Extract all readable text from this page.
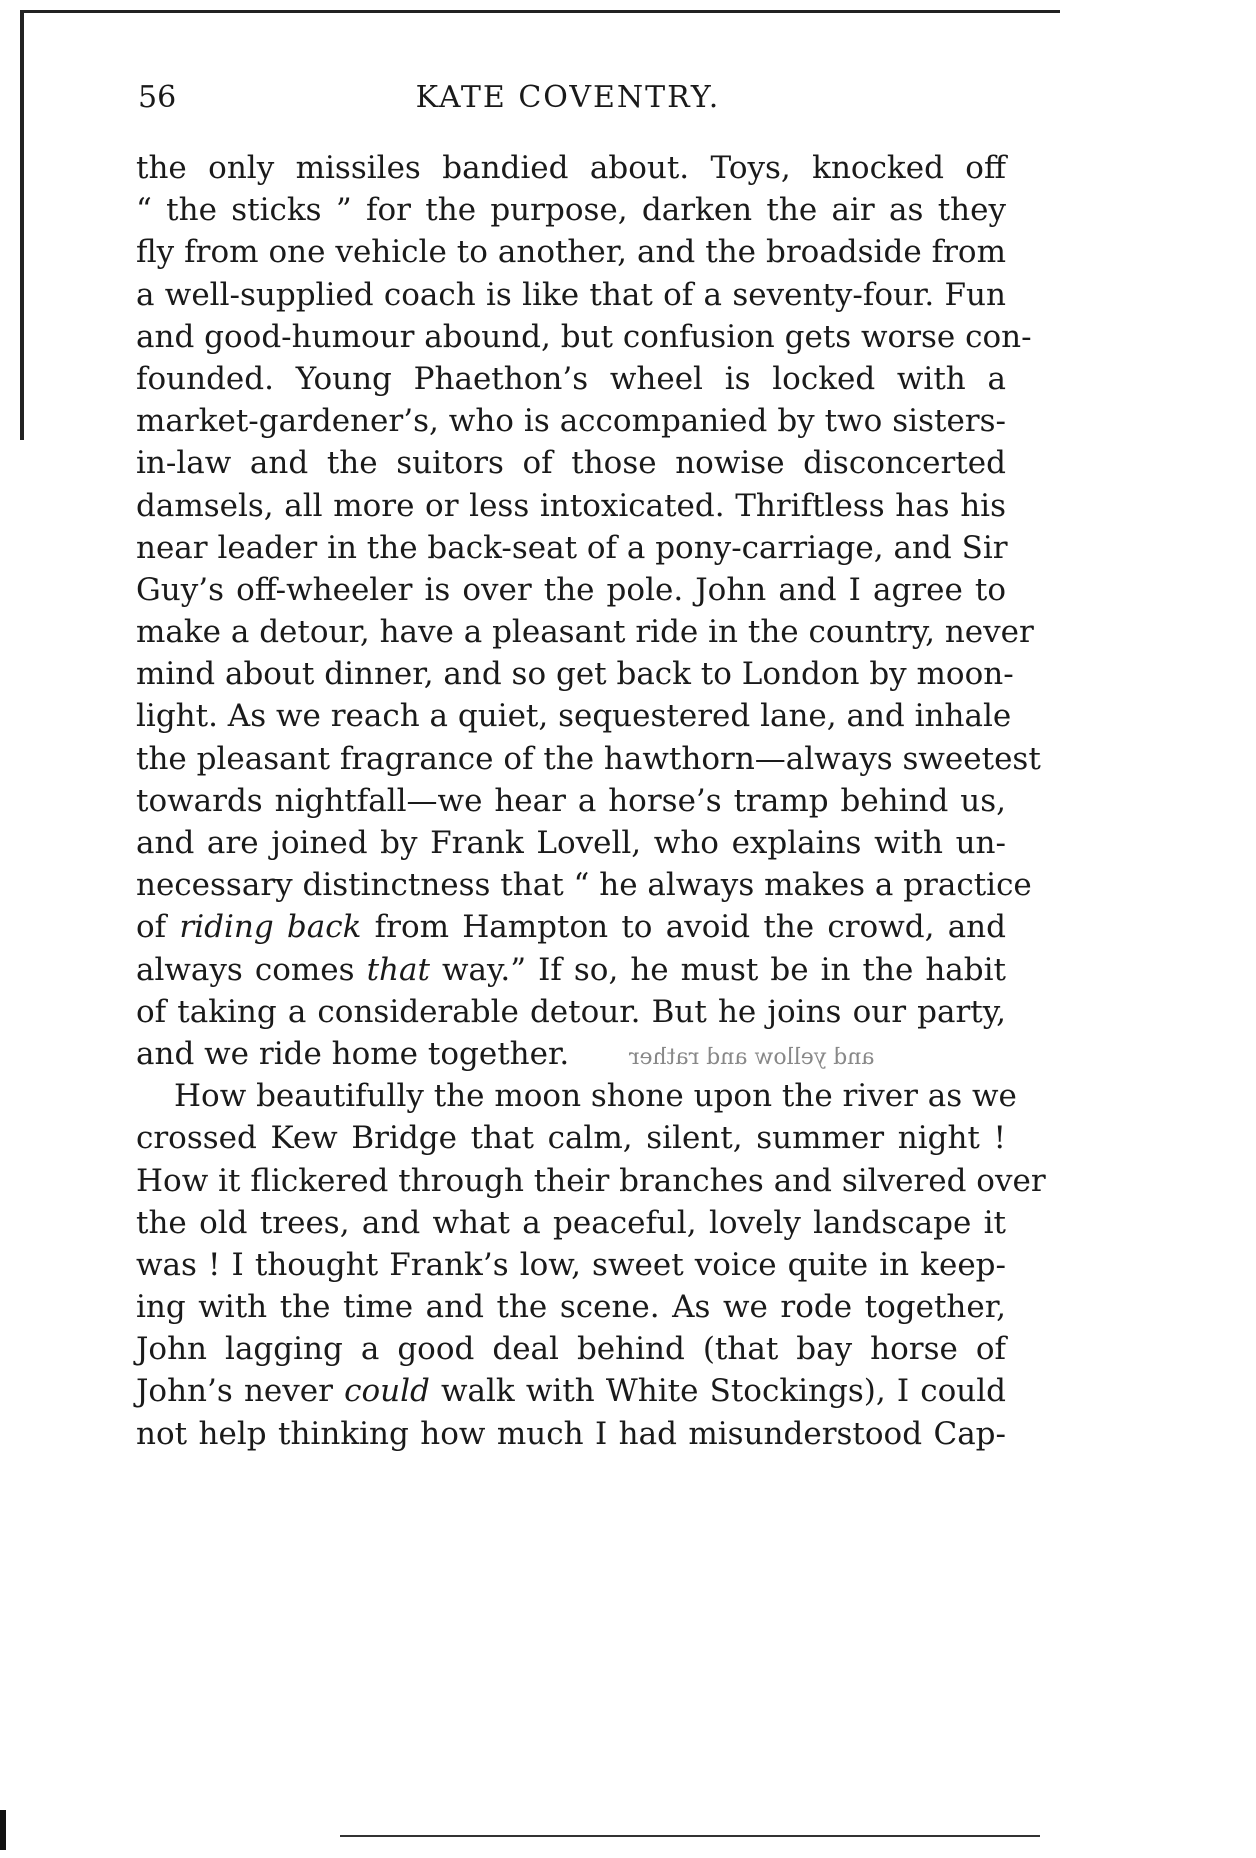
56	KATE COVENTRY.
the only missiles bandied about. Toys, knocked off
“ the sticks ” for the purpose, darken the air as they
fly from one vehicle to another, and the broadside from
a well-supplied coach is like that of a seventy-four. Fun
and good-humour abound, but confusion gets worse con-
founded. Young Phaethon’s wheel is locked with a
market-gardener’s, who is accompanied by two sisters-
in-law and the suitors of those nowise disconcerted
damsels, all more or less intoxicated. Thriftless has his
near leader in the back-seat of a pony-carriage, and Sir
Guy’s off-wheeler is over the pole. John and I agree to
make a detour, have a pleasant ride in the country, never
mind about dinner, and so get back to London by moon-
light. As we reach a quiet, sequestered lane, and inhale
the pleasant fragrance of the hawthorn—always sweetest
towards nightfall—we hear a horse’s tramp behind us,
and are joined by Frank Lovell, who explains with un-
necessary distinctness that “ he always makes a practice
of riding back from Hampton to avoid the crowd, and
always comes that way.” If so, he must be in the habit
of taking a considerable detour. But he joins our party,
and we ride home together.	and yellow and rather
How beautifully the moon shone upon the river as we
crossed Kew Bridge that calm, silent, summer night !
How it flickered through their branches and silvered over
the old trees, and what a peaceful, lovely landscape it
was ! I thought Frank’s low, sweet voice quite in keep-
ing with the time and the scene. As we rode together,
John lagging a good deal behind (that bay horse of
John’s never could walk with White Stockings), I could
not help thinking how much I had misunderstood Cap-
